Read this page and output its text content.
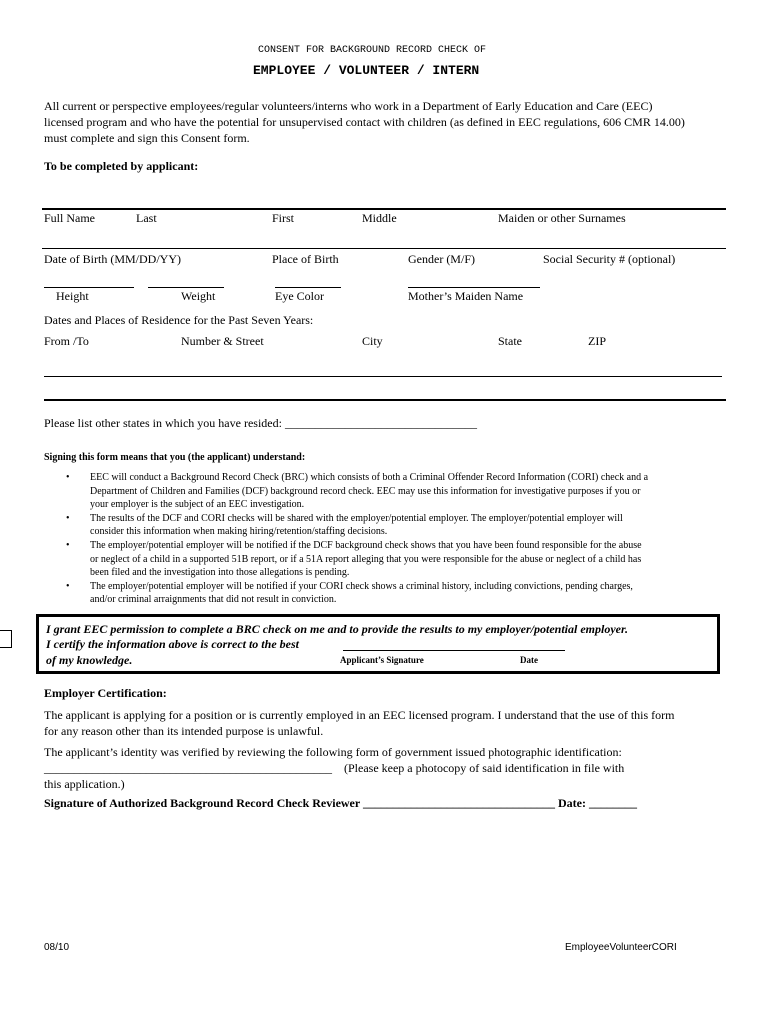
CONSENT FOR BACKGROUND RECORD CHECK OF
EMPLOYEE / VOLUNTEER / INTERN
All current or perspective employees/regular volunteers/interns who work in a Department of Early Education and Care (EEC)
licensed program and who have the potential for unsupervised contact with children (as defined in EEC regulations, 606 CMR 14.00)
must complete and sign this Consent form.
To be completed by applicant:
Full Name	Last	First	Middle	Maiden or other Surnames
Date of Birth (MM/DD/YY)	Place of Birth	Gender (M/F)	Social Security # (optional)
Height	Weight	Eye Color	Mother’s Maiden Name
Dates and Places of Residence for the Past Seven Years:
From /To	Number & Street	City	State	ZIP
Please list other states in which you have resided: ________________________________
Signing this form means that you (the applicant) understand:
• EEC will conduct a Background Record Check (BRC) which consists of both a Criminal Offender Record Information (CORI) check and a
Department of Children and Families (DCF) background record check. EEC may use this information for investigative purposes if you or
your employer is the subject of an EEC investigation.
• The results of the DCF and CORI checks will be shared with the employer/potential employer. The employer/potential employer will
consider this information when making hiring/retention/staffing decisions.
• The employer/potential employer will be notified if the DCF background check shows that you have been found responsible for the abuse
or neglect of a child in a supported 51B report, or if a 51A report alleging that you were responsible for the abuse or neglect of a child has
been filed and the investigation into those allegations is pending.
• The employer/potential employer will be notified if your CORI check shows a criminal history, including convictions, pending charges,
and/or criminal arraignments that did not result in conviction.
I grant EEC permission to complete a BRC check on me and to provide the results to my employer/potential employer.
I certify the information above is correct to the best
of my knowledge.	Applicant’s Signature	Date
Employer Certification:
The applicant is applying for a position or is currently employed in an EEC licensed program. I understand that the use of this form
for any reason other than its intended purpose is unlawful.
The applicant’s identity was verified by reviewing the following form of government issued photographic identification:
________________________________________________ (Please keep a photocopy of said identification in file with
this application.)
Signature of Authorized Background Record Check Reviewer ________________________________ Date: ________
08/10	EmployeeVolunteerCORI
